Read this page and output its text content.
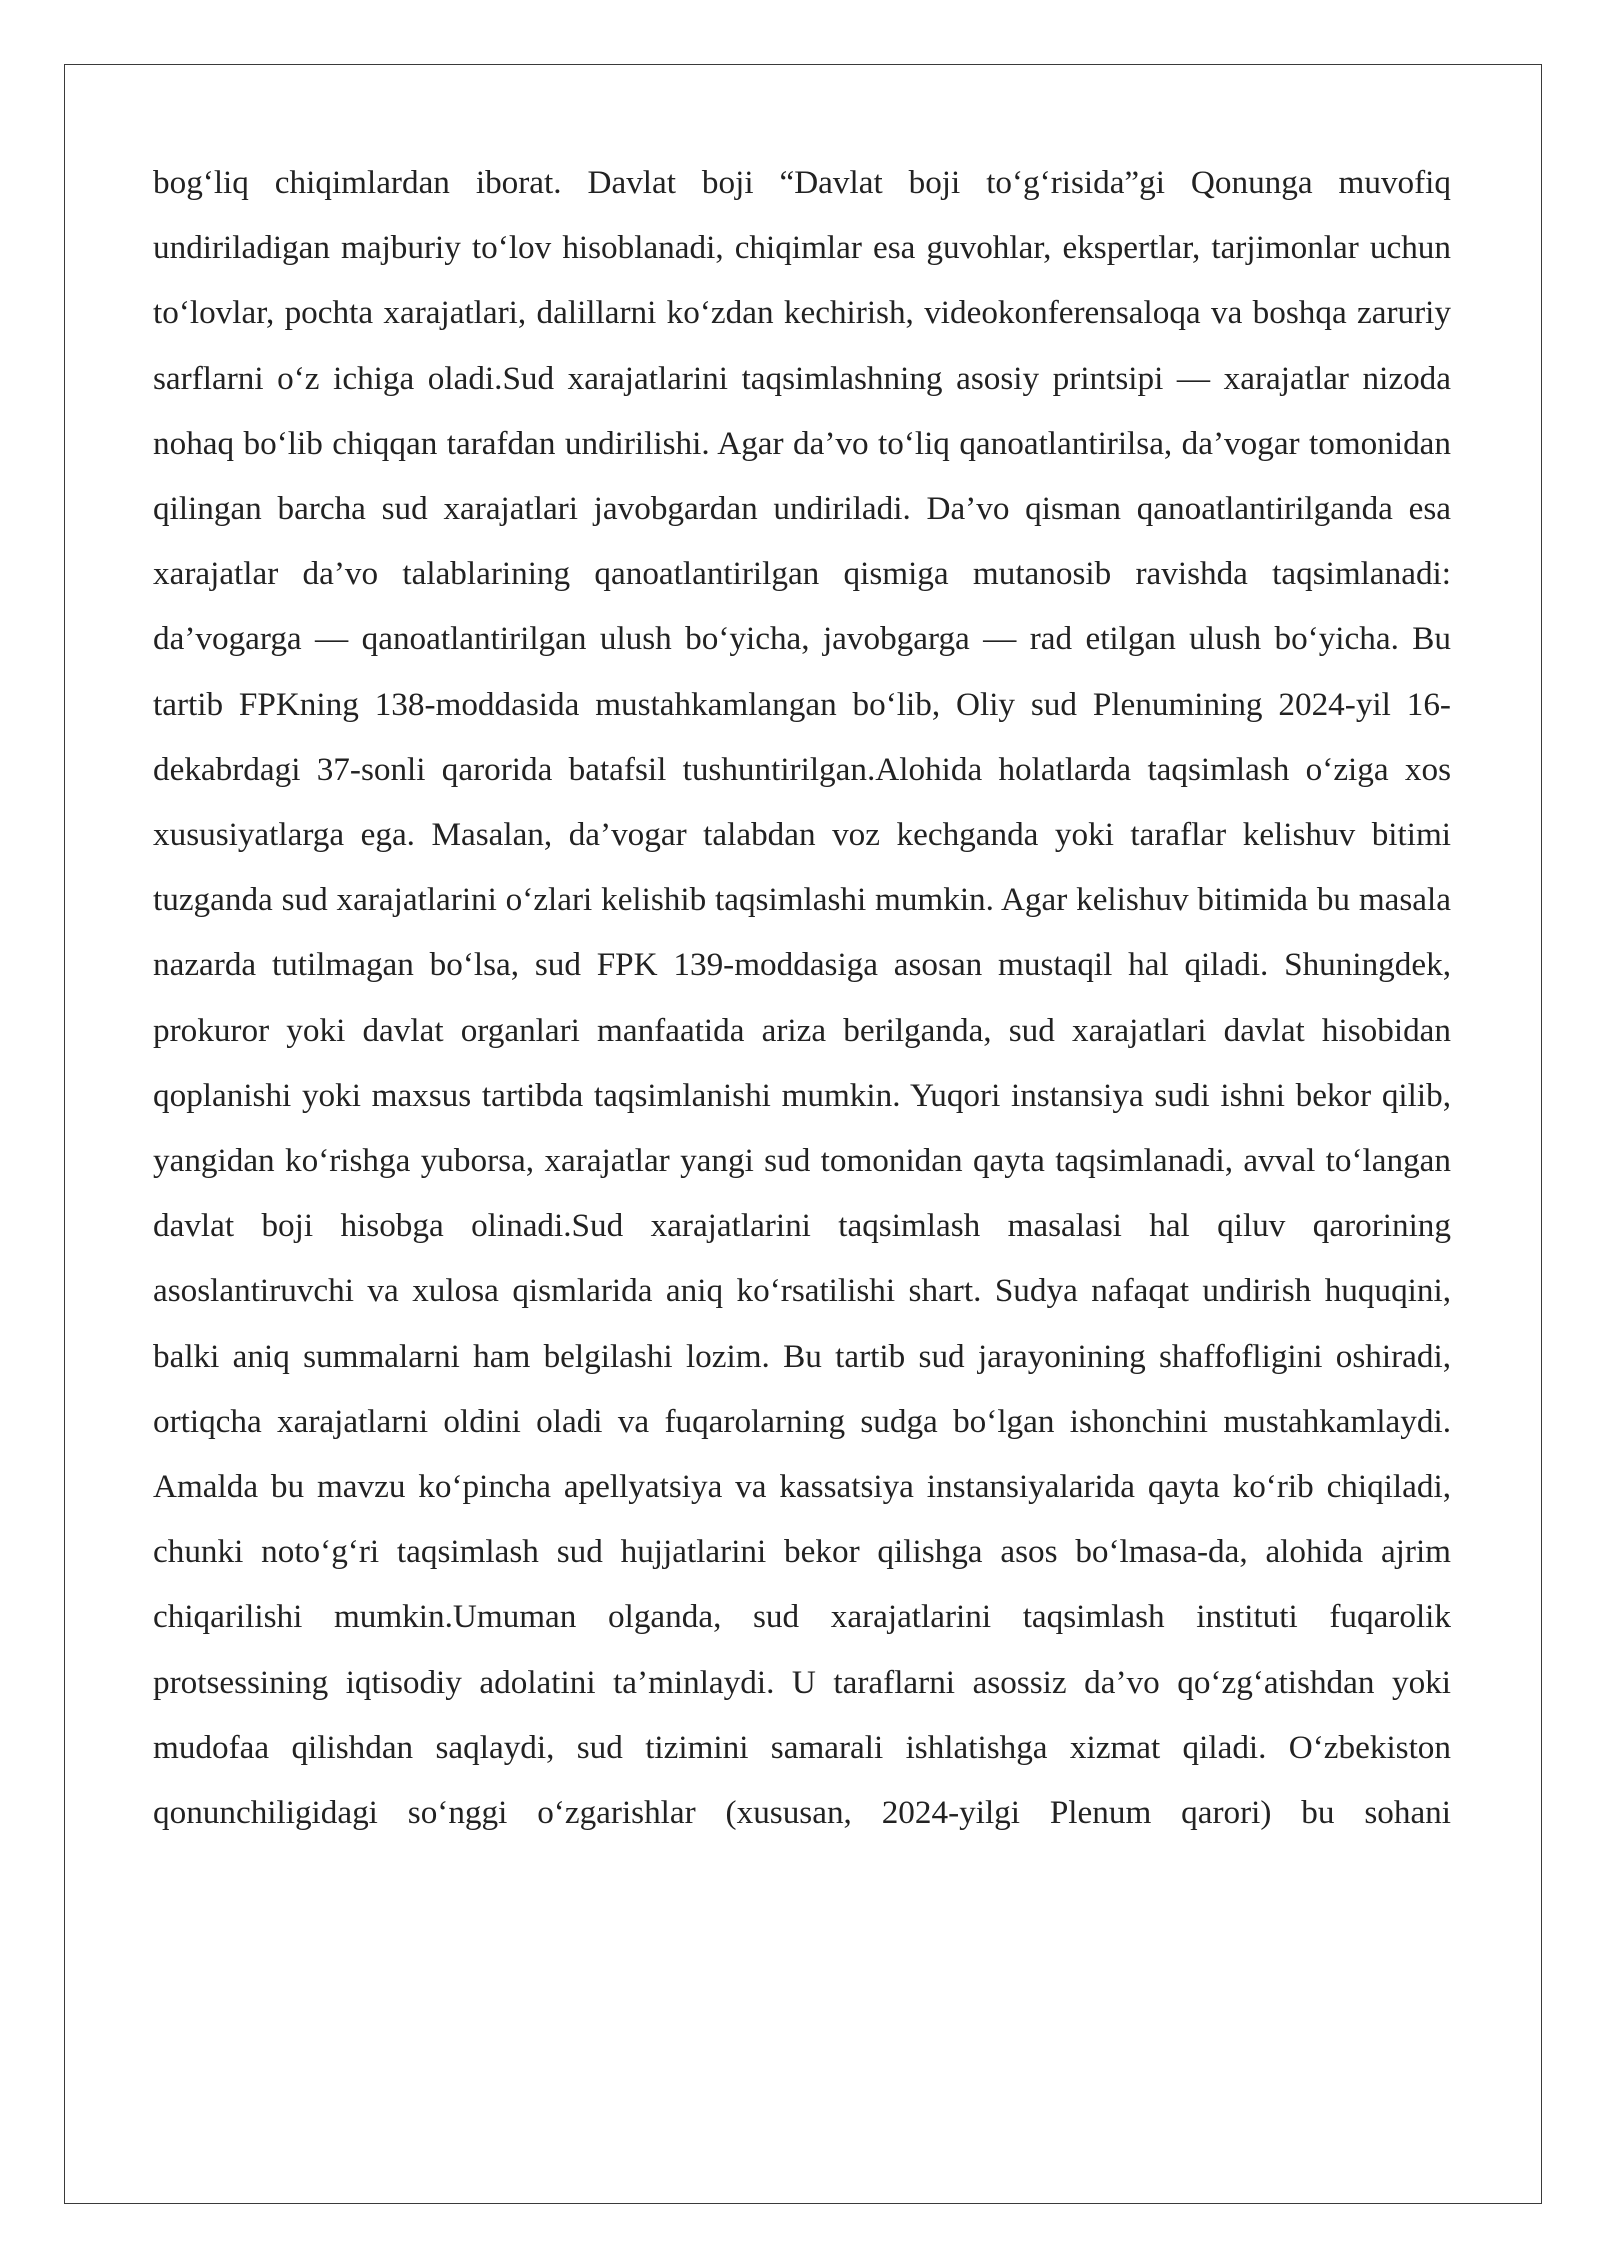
bog‘liq chiqimlardan iborat. Davlat boji “Davlat boji to‘g‘risida”gi Qonunga muvofiq undiriladigan majburiy to‘lov hisoblanadi, chiqimlar esa guvohlar, ekspertlar, tarjimonlar uchun to‘lovlar, pochta xarajatlari, dalillarni ko‘zdan kechirish, videokonferensaloqa va boshqa zaruriy sarflarni o‘z ichiga oladi.Sud xarajatlarini taqsimlashning asosiy printsipi — xarajatlar nizoda nohaq bo‘lib chiqqan tarafdan undirilishi. Agar da’vo to‘liq qanoatlantirilsa, da’vogar tomonidan qilingan barcha sud xarajatlari javobgardan undiriladi. Da’vo qisman qanoatlantirilganda esa xarajatlar da’vo talablarining qanoatlantirilgan qismiga mutanosib ravishda taqsimlanadi: da’vogarga — qanoatlantirilgan ulush bo‘yicha, javobgarga — rad etilgan ulush bo‘yicha. Bu tartib FPKning 138-moddasida mustahkamlangan bo‘lib, Oliy sud Plenumining 2024-yil 16-dekabrdagi 37-sonli qarorida batafsil tushuntirilgan.Alohida holatlarda taqsimlash o‘ziga xos xususiyatlarga ega. Masalan, da’vogar talabdan voz kechganda yoki taraflar kelishuv bitimi tuzganda sud xarajatlarini o‘zlari kelishib taqsimlashi mumkin. Agar kelishuv bitimida bu masala nazarda tutilmagan bo‘lsa, sud FPK 139-moddasiga asosan mustaqil hal qiladi. Shuningdek, prokuror yoki davlat organlari manfaatida ariza berilganda, sud xarajatlari davlat hisobidan qoplanishi yoki maxsus tartibda taqsimlanishi mumkin. Yuqori instansiya sudi ishni bekor qilib, yangidan ko‘rishga yuborsa, xarajatlar yangi sud tomonidan qayta taqsimlanadi, avval to‘langan davlat boji hisobga olinadi.Sud xarajatlarini taqsimlash masalasi hal qiluv qarorining asoslantiruvchi va xulosa qismlarida aniq ko‘rsatilishi shart. Sudya nafaqat undirish huquqini, balki aniq summalarni ham belgilashi lozim. Bu tartib sud jarayonining shaffofligini oshiradi, ortiqcha xarajatlarni oldini oladi va fuqarolarning sudga bo‘lgan ishonchini mustahkamlaydi. Amalda bu mavzu ko‘pincha apellyatsiya va kassatsiya instansiyalarida qayta ko‘rib chiqiladi, chunki noto‘g‘ri taqsimlash sud hujjatlarini bekor qilishga asos bo‘lmasa-da, alohida ajrim chiqarilishi mumkin.Umuman olganda, sud xarajatlarini taqsimlash instituti fuqarolik protsessining iqtisodiy adolatini ta’minlaydi. U taraflarni asossiz da’vo qo‘zg‘atishdan yoki mudofaa qilishdan saqlaydi, sud tizimini samarali ishlatishga xizmat qiladi. O‘zbekiston qonunchiligidagi so‘nggi o‘zgarishlar (xususan, 2024-yilgi Plenum qarori) bu sohani
